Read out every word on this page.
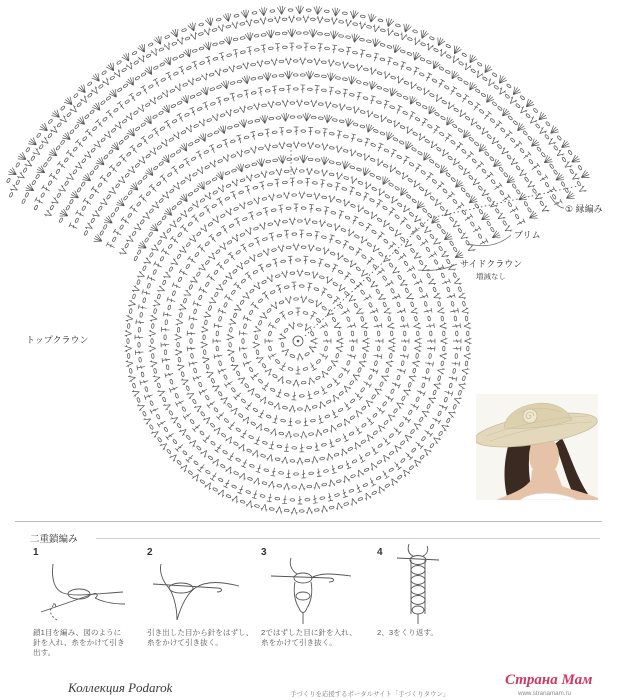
① 縁編み
ブリム
サイドクラウン
増減なし
トップクラウン
二重鎖編み
1	2	3	4
鎖1目を編み、図のように
針を入れ、糸をかけて引き
出す。
引き出した目から針をはずし、
糸をかけて引き抜く。
2ではずした目に針を入れ、
糸をかけて引き抜く。
2、3をくり返す。
Коллекция Podarok	手づくりを応援するポータルサイト「手づくりタウン」
Страна Мам
www.stranamam.ru
